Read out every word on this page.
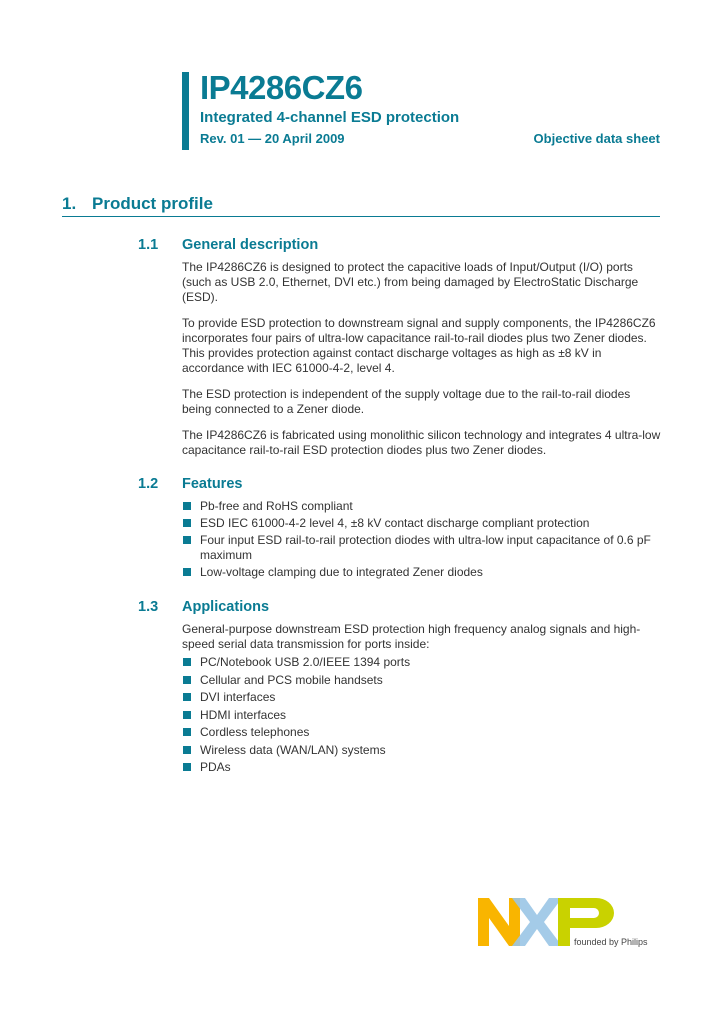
IP4286CZ6
Integrated 4-channel ESD protection
Rev. 01 — 20 April 2009	Objective data sheet
1. Product profile
1.1 General description
The IP4286CZ6 is designed to protect the capacitive loads of Input/Output (I/O) ports (such as USB 2.0, Ethernet, DVI etc.) from being damaged by ElectroStatic Discharge (ESD).
To provide ESD protection to downstream signal and supply components, the IP4286CZ6 incorporates four pairs of ultra-low capacitance rail-to-rail diodes plus two Zener diodes. This provides protection against contact discharge voltages as high as ±8 kV in accordance with IEC 61000-4-2, level 4.
The ESD protection is independent of the supply voltage due to the rail-to-rail diodes being connected to a Zener diode.
The IP4286CZ6 is fabricated using monolithic silicon technology and integrates 4 ultra-low capacitance rail-to-rail ESD protection diodes plus two Zener diodes.
1.2 Features
Pb-free and RoHS compliant
ESD IEC 61000-4-2 level 4, ±8 kV contact discharge compliant protection
Four input ESD rail-to-rail protection diodes with ultra-low input capacitance of 0.6 pF maximum
Low-voltage clamping due to integrated Zener diodes
1.3 Applications
General-purpose downstream ESD protection high frequency analog signals and high-speed serial data transmission for ports inside:
PC/Notebook USB 2.0/IEEE 1394 ports
Cellular and PCS mobile handsets
DVI interfaces
HDMI interfaces
Cordless telephones
Wireless data (WAN/LAN) systems
PDAs
founded by Philips
